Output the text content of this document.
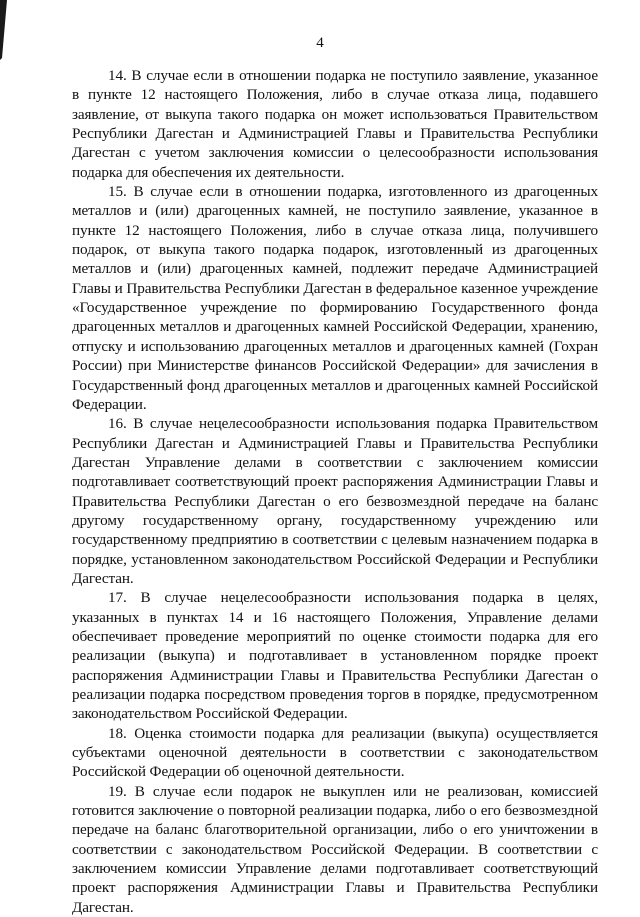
4

14. В случае если в отношении подарка не поступило заявление, указанное в пункте 12 настоящего Положения, либо в случае отказа лица, подавшего заявление, от выкупа такого подарка он может использоваться Правительством Республики Дагестан и Администрацией Главы и Правительства Республики Дагестан с учетом заключения комиссии о целесообразности использования подарка для обеспечения их деятельности.

15. В случае если в отношении подарка, изготовленного из драгоценных металлов и (или) драгоценных камней, не поступило заявление, указанное в пункте 12 настоящего Положения, либо в случае отказа лица, получившего подарок, от выкупа такого подарка подарок, изготовленный из драгоценных металлов и (или) драгоценных камней, подлежит передаче Администрацией Главы и Правительства Республики Дагестан в федеральное казенное учреждение «Государственное учреждение по формированию Государственного фонда драгоценных металлов и драгоценных камней Российской Федерации, хранению, отпуску и использованию драгоценных металлов и драгоценных камней (Гохран России) при Министерстве финансов Российской Федерации» для зачисления в Государственный фонд драгоценных металлов и драгоценных камней Российской Федерации.

16. В случае нецелесообразности использования подарка Правительством Республики Дагестан и Администрацией Главы и Правительства Республики Дагестан Управление делами в соответствии с заключением комиссии подготавливает соответствующий проект распоряжения Администрации Главы и Правительства Республики Дагестан о его безвозмездной передаче на баланс другому государственному органу, государственному учреждению или государственному предприятию в соответствии с целевым назначением подарка в порядке, установленном законодательством Российской Федерации и Республики Дагестан.

17. В случае нецелесообразности использования подарка в целях, указанных в пунктах 14 и 16 настоящего Положения, Управление делами обеспечивает проведение мероприятий по оценке стоимости подарка для его реализации (выкупа) и подготавливает в установленном порядке проект распоряжения Администрации Главы и Правительства Республики Дагестан о реализации подарка посредством проведения торгов в порядке, предусмотренном законодательством Российской Федерации.

18. Оценка стоимости подарка для реализации (выкупа) осуществляется субъектами оценочной деятельности в соответствии с законодательством Российской Федерации об оценочной деятельности.

19. В случае если подарок не выкуплен или не реализован, комиссией готовится заключение о повторной реализации подарка, либо о его безвозмездной передаче на баланс благотворительной организации, либо о его уничтожении в соответствии с законодательством Российской Федерации. В соответствии с заключением комиссии Управление делами подготавливает соответствующий проект распоряжения Администрации Главы и Правительства Республики Дагестан.
